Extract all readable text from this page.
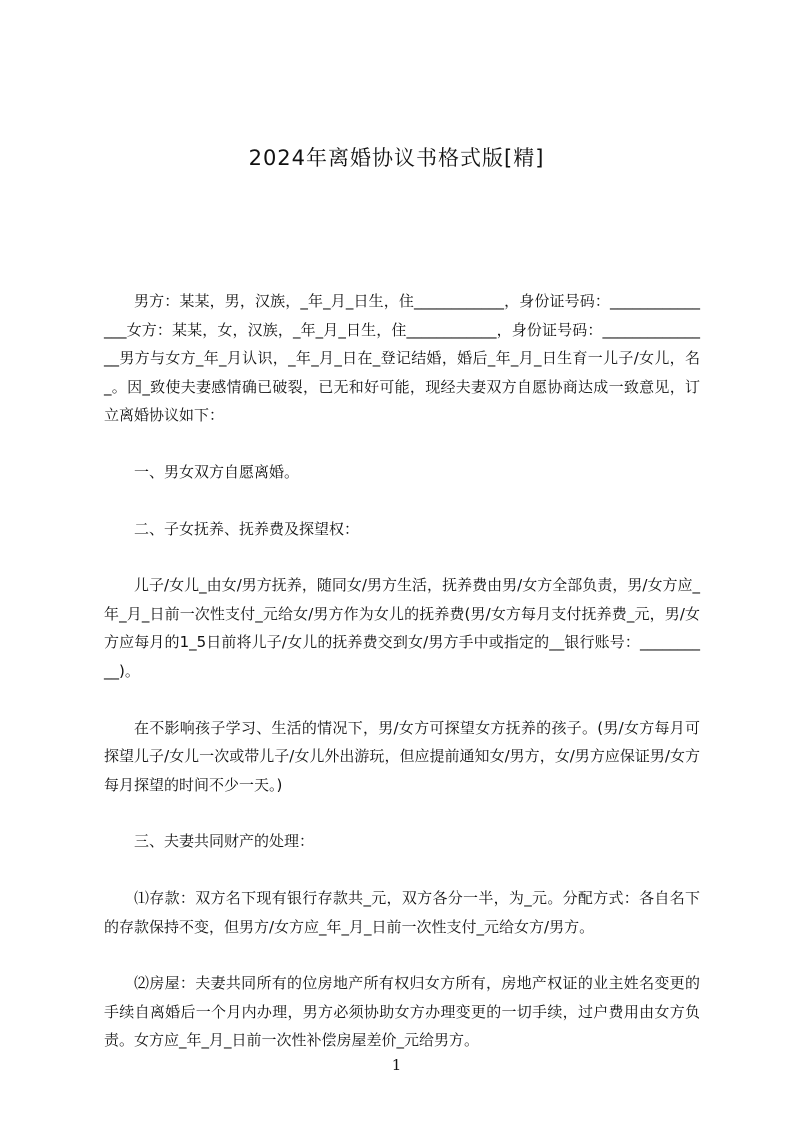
2024年离婚协议书格式版[精]

男方：某某，男，汉族，_年_月_日生，住____________，身份证号码：_______________女方：某某，女，汉族，_年_月_日生，住____________，身份证号码：_______________男方与女方_年_月认识，_年_月_日在_登记结婚，婚后_年_月_日生育一儿子/女儿，名_。因_致使夫妻感情确已破裂，已无和好可能，现经夫妻双方自愿协商达成一致意见，订立离婚协议如下：

一、男女双方自愿离婚。

二、子女抚养、抚养费及探望权：

儿子/女儿_由女/男方抚养，随同女/男方生活，抚养费由男/女方全部负责，男/女方应_年_月_日前一次性支付_元给女/男方作为女儿的抚养费(男/女方每月支付抚养费_元，男/女方应每月的1_5日前将儿子/女儿的抚养费交到女/男方手中或指定的__银行账号：__________)。

在不影响孩子学习、生活的情况下，男/女方可探望女方抚养的孩子。(男/女方每月可探望儿子/女儿一次或带儿子/女儿外出游玩，但应提前通知女/男方，女/男方应保证男/女方每月探望的时间不少一天。)

三、夫妻共同财产的处理：

⑴存款：双方名下现有银行存款共_元，双方各分一半，为_元。分配方式：各自名下的存款保持不变，但男方/女方应_年_月_日前一次性支付_元给女方/男方。

⑵房屋：夫妻共同所有的位房地产所有权归女方所有，房地产权证的业主姓名变更的手续自离婚后一个月内办理，男方必须协助女方办理变更的一切手续，过户费用由女方负责。女方应_年_月_日前一次性补偿房屋差价_元给男方。

1
